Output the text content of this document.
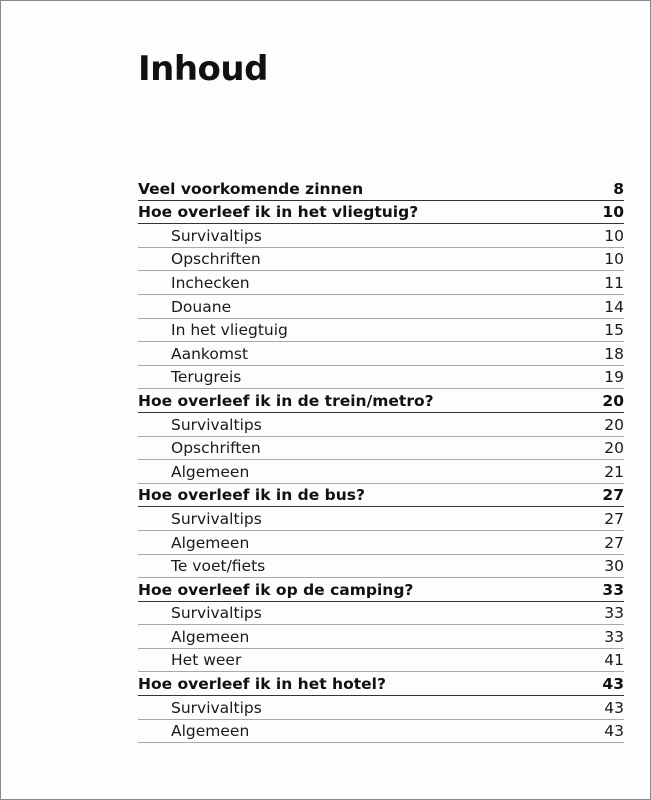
Inhoud
Veel voorkomende zinnen	8
Hoe overleef ik in het vliegtuig?	10
Survivaltips	10
Opschriften	10
Inchecken	11
Douane	14
In het vliegtuig	15
Aankomst	18
Terugreis	19
Hoe overleef ik in de trein/metro?	20
Survivaltips	20
Opschriften	20
Algemeen	21
Hoe overleef ik in de bus?	27
Survivaltips	27
Algemeen	27
Te voet/fiets	30
Hoe overleef ik op de camping?	33
Survivaltips	33
Algemeen	33
Het weer	41
Hoe overleef ik in het hotel?	43
Survivaltips	43
Algemeen	43
